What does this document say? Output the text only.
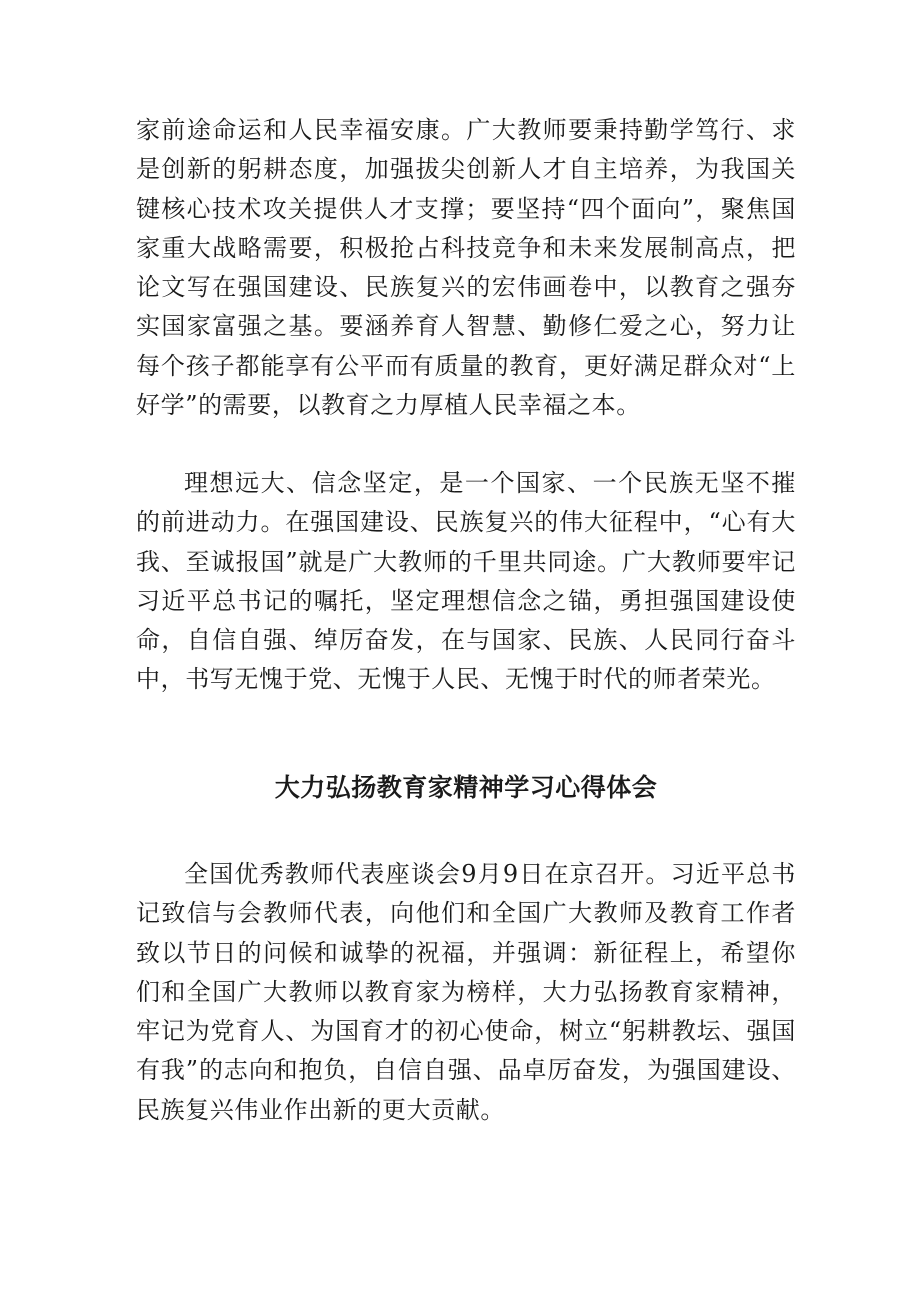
家前途命运和人民幸福安康。广大教师要秉持勤学笃行、求是创新的躬耕态度，加强拔尖创新人才自主培养，为我国关键核心技术攻关提供人才支撑；要坚持“四个面向”，聚焦国家重大战略需要，积极抢占科技竞争和未来发展制高点，把论文写在强国建设、民族复兴的宏伟画卷中，以教育之强夯实国家富强之基。要涵养育人智慧、勤修仁爱之心，努力让每个孩子都能享有公平而有质量的教育，更好满足群众对“上好学”的需要，以教育之力厚植人民幸福之本。

理想远大、信念坚定，是一个国家、一个民族无坚不摧的前进动力。在强国建设、民族复兴的伟大征程中，“心有大我、至诚报国”就是广大教师的千里共同途。广大教师要牢记习近平总书记的嘱托，坚定理想信念之锚，勇担强国建设使命，自信自强、绰厉奋发，在与国家、民族、人民同行奋斗中，书写无愧于党、无愧于人民、无愧于时代的师者荣光。

大力弘扬教育家精神学习心得体会

全国优秀教师代表座谈会9月9日在京召开。习近平总书记致信与会教师代表，向他们和全国广大教师及教育工作者致以节日的问候和诚挚的祝福，并强调：新征程上，希望你们和全国广大教师以教育家为榜样，大力弘扬教育家精神，牢记为党育人、为国育才的初心使命，树立“躬耕教坛、强国有我”的志向和抱负，自信自强、品卓厉奋发，为强国建设、民族复兴伟业作出新的更大贡献。
